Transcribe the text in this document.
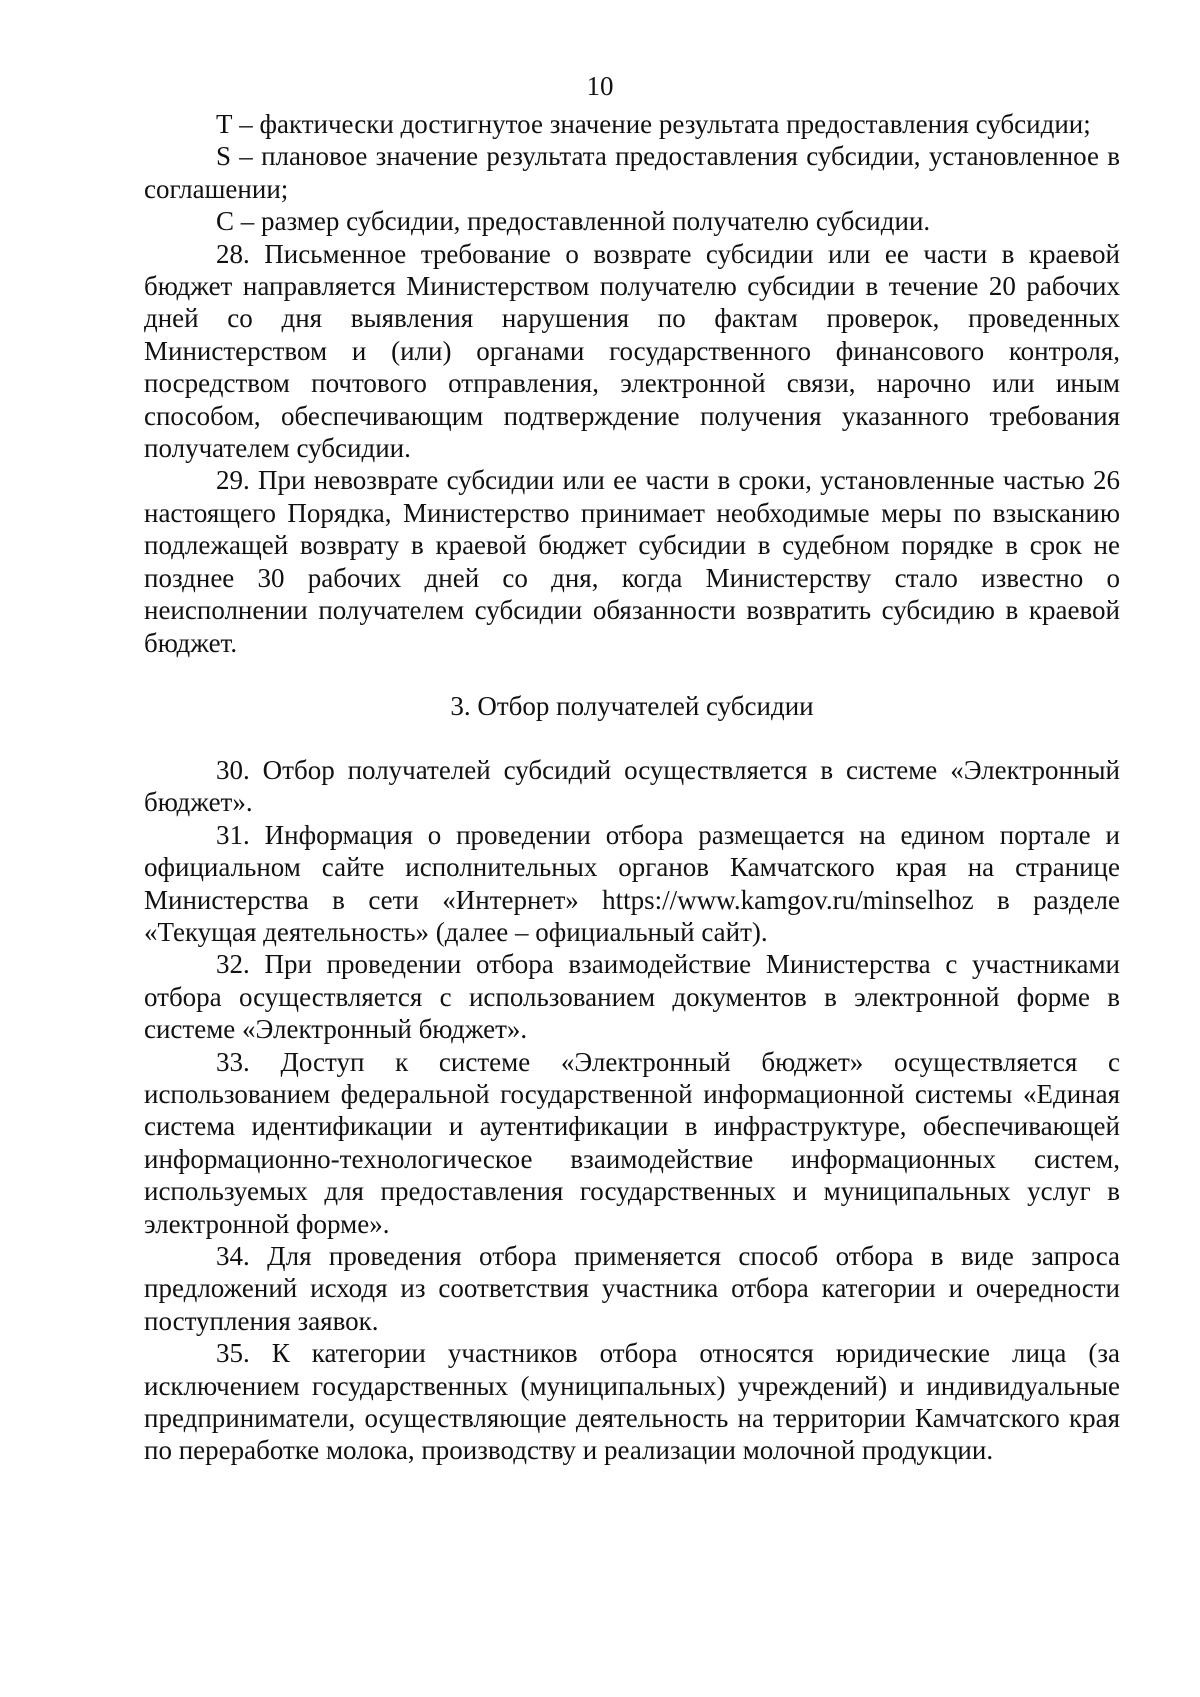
10

Т – фактически достигнутое значение результата предоставления субсидии;

S – плановое значение результата предоставления субсидии, установленное в соглашении;

C – размер субсидии, предоставленной получателю субсидии.

28. Письменное требование о возврате субсидии или ее части в краевой бюджет направляется Министерством получателю субсидии в течение 20 рабочих дней со дня выявления нарушения по фактам проверок, проведенных Министерством и (или) органами государственного финансового контроля, посредством почтового отправления, электронной связи, нарочно или иным способом, обеспечивающим подтверждение получения указанного требования получателем субсидии.

29. При невозврате субсидии или ее части в сроки, установленные частью 26 настоящего Порядка, Министерство принимает необходимые меры по взысканию подлежащей возврату в краевой бюджет субсидии в судебном порядке в срок не позднее 30 рабочих дней со дня, когда Министерству стало известно о неисполнении получателем субсидии обязанности возвратить субсидию в краевой бюджет.

3. Отбор получателей субсидии

30. Отбор получателей субсидий осуществляется в системе «Электронный бюджет».

31. Информация о проведении отбора размещается на едином портале и официальном сайте исполнительных органов Камчатского края на странице Министерства в сети «Интернет» https://www.kamgov.ru/minselhoz в разделе «Текущая деятельность» (далее – официальный сайт).

32. При проведении отбора взаимодействие Министерства с участниками отбора осуществляется с использованием документов в электронной форме в системе «Электронный бюджет».

33. Доступ к системе «Электронный бюджет» осуществляется с использованием федеральной государственной информационной системы «Единая система идентификации и аутентификации в инфраструктуре, обеспечивающей информационно-технологическое взаимодействие информационных систем, используемых для предоставления государственных и муниципальных услуг в электронной форме».

34. Для проведения отбора применяется способ отбора в виде запроса предложений исходя из соответствия участника отбора категории и очередности поступления заявок.

35. К категории участников отбора относятся юридические лица (за исключением государственных (муниципальных) учреждений) и индивидуальные предприниматели, осуществляющие деятельность на территории Камчатского края по переработке молока, производству и реализации молочной продукции.
